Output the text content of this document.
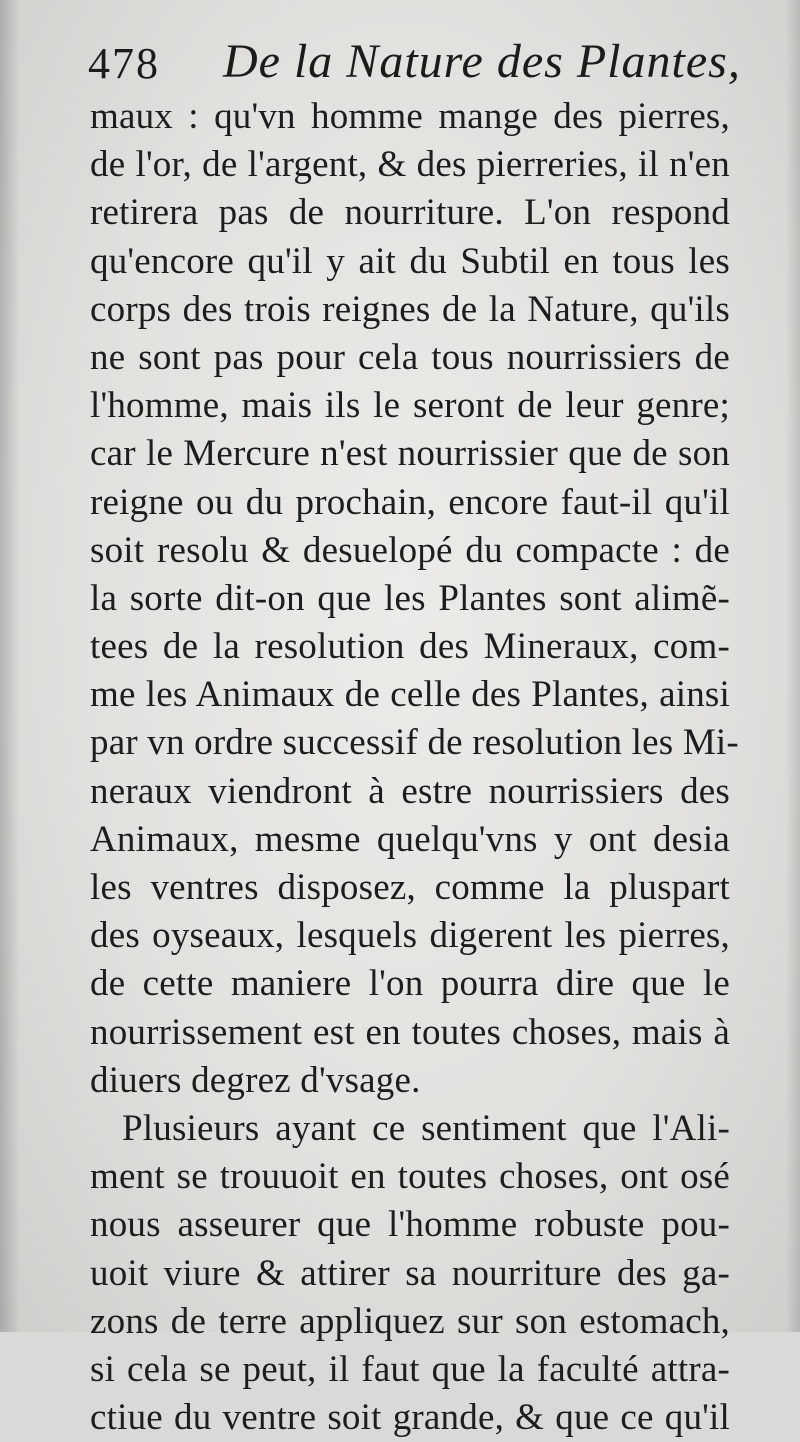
478 De la Nature des Plantes,
maux : qu'vn homme mange des pierres,
de l'or, de l'argent, & des pierreries, il n'en
retirera pas de nourriture. L'on respond
qu'encore qu'il y ait du Subtil en tous les
corps des trois reignes de la Nature, qu'ils
ne sont pas pour cela tous nourrissiers de
l'homme, mais ils le seront de leur genre;
car le Mercure n'est nourrissier que de son
reigne ou du prochain, encore faut-il qu'il
soit resolu & desuelopé du compacte : de
la sorte dit-on que les Plantes sont alimẽ-
tees de la resolution des Mineraux, com-
me les Animaux de celle des Plantes, ainsi
par vn ordre successif de resolution les Mi-
neraux viendront à estre nourrissiers des
Animaux, mesme quelqu'vns y ont desia
les ventres disposez, comme la pluspart
des oyseaux, lesquels digerent les pierres,
de cette maniere l'on pourra dire que le
nourrissement est en toutes choses, mais à
diuers degrez d'vsage.
Plusieurs ayant ce sentiment que l'Ali-
ment se trouuoit en toutes choses, ont osé
nous asseurer que l'homme robuste pou-
uoit viure & attirer sa nourriture des ga-
zons de terre appliquez sur son estomach,
si cela se peut, il faut que la faculté attra-
ctiue du ventre soit grande, & que ce qu'il
